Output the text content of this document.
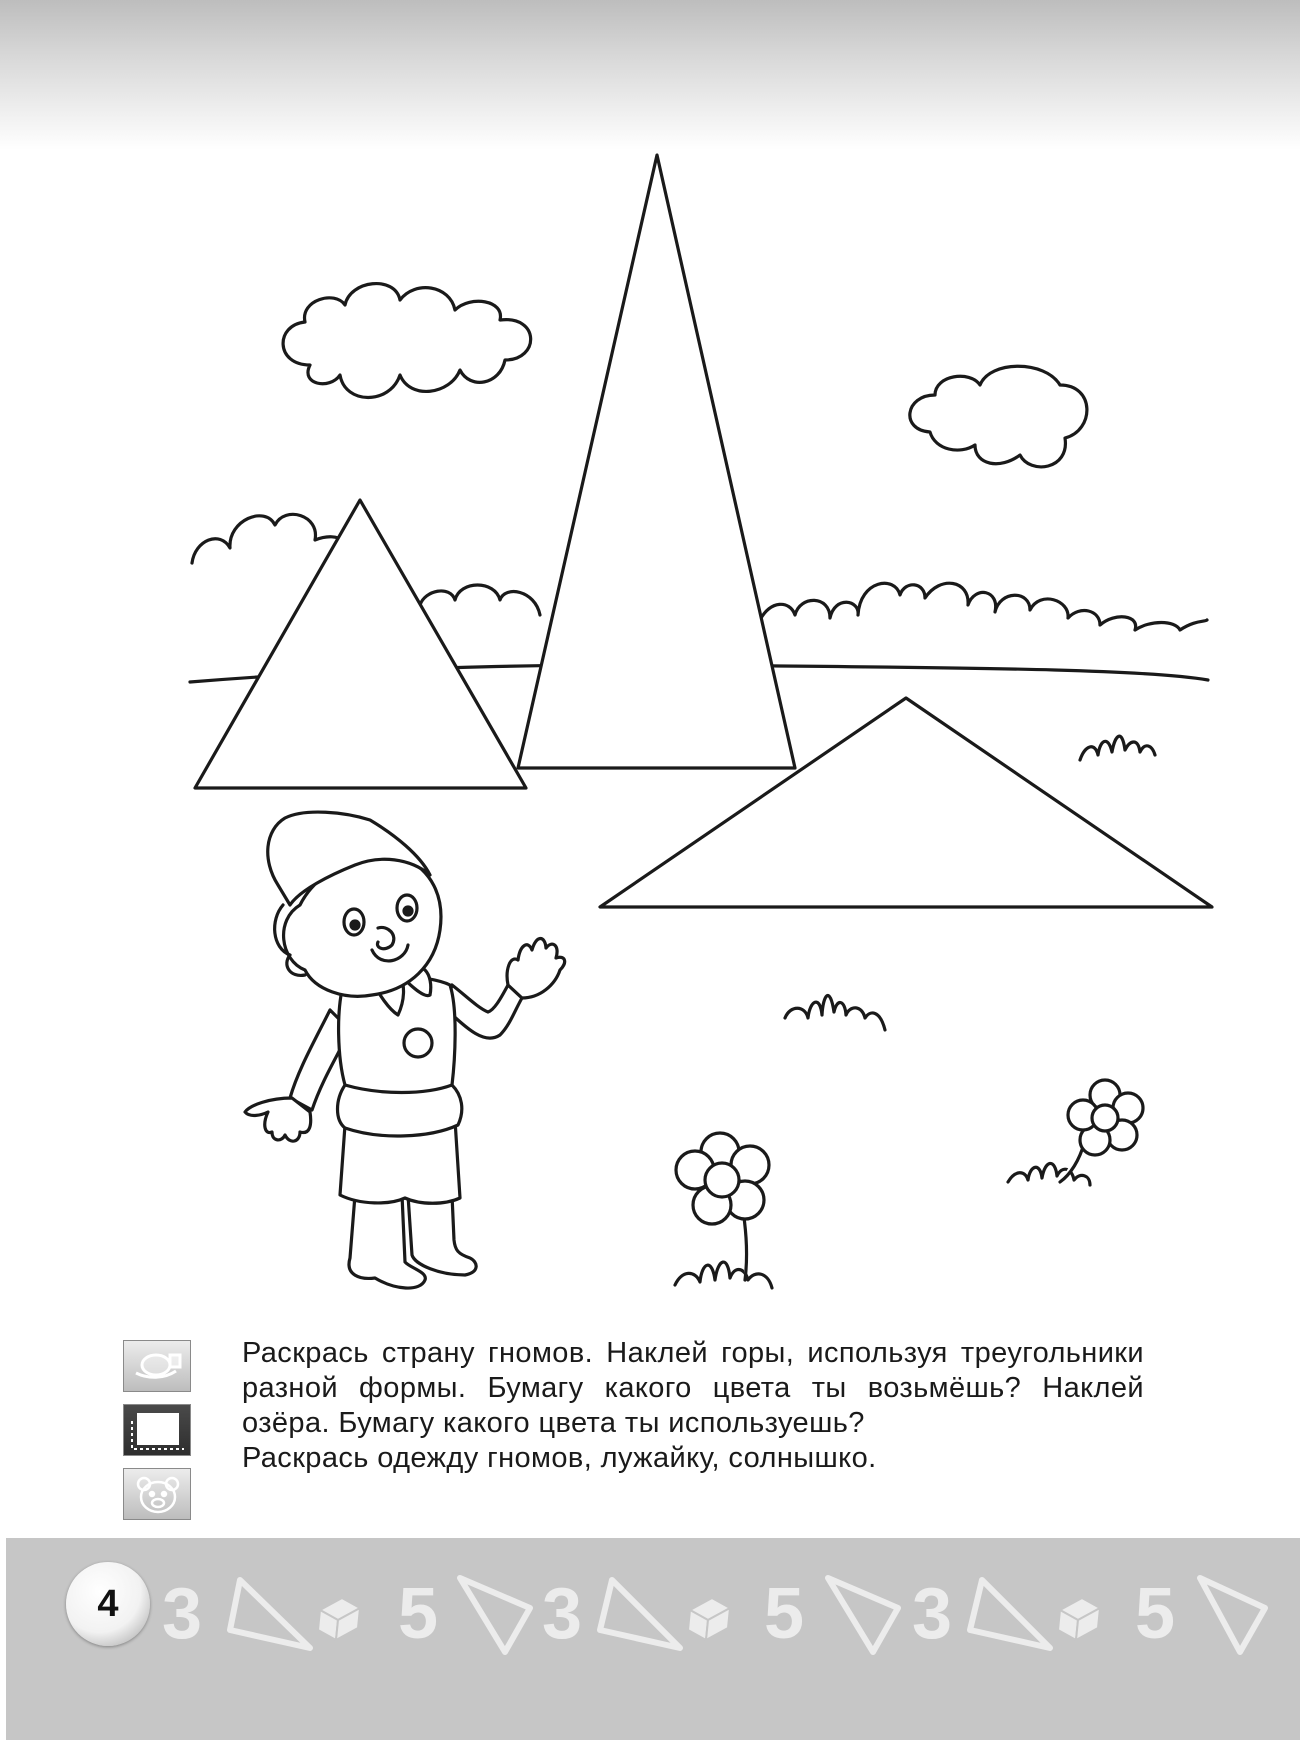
Раскрась страну гномов. Наклей горы, используя треугольники разной формы. Бумагу какого цвета ты возьмёшь? Наклей озёра. Бумагу какого цвета ты используешь?

Раскрась одежду гномов, лужайку, солнышко.

4 3	5 3	5 3	5
